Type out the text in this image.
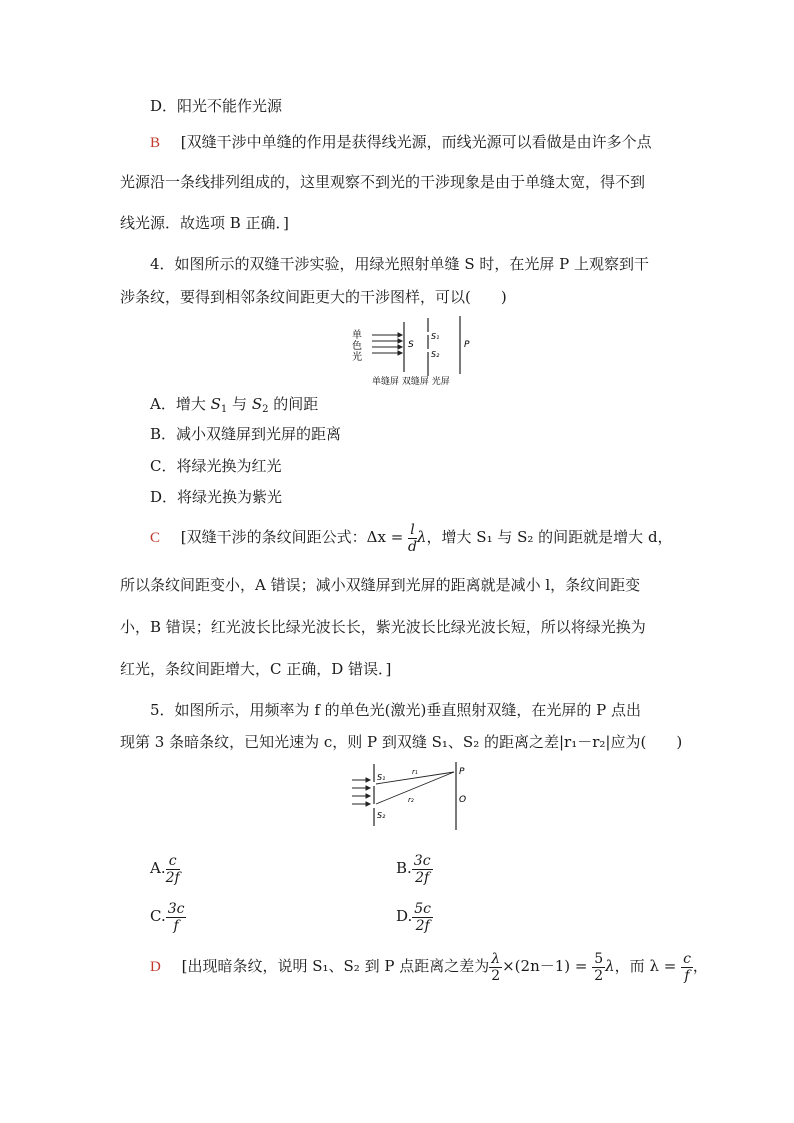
D．阳光不能作光源
B [双缝干涉中单缝的作用是获得线光源，而线光源可以看做是由许多个点
光源沿一条线排列组成的，这里观察不到光的干涉现象是由于单缝太宽，得不到
线光源．故选项 B 正确．]
4．如图所示的双缝干涉实验，用绿光照射单缝 S 时，在光屏 P 上观察到干
涉条纹，要得到相邻条纹间距更大的干涉图样，可以(　　)
单
色
光
S
S₁
S₂
P
单缝屏 双缝屏 光屏
A．增大 $S_1$ 与 $S_2$ 的间距
B．减小双缝屏到光屏的距离
C．将绿光换为红光
D．将绿光换为紫光
C [双缝干涉的条纹间距公式：$\Delta x = \frac{l}{d}$ λ，增大 S₁ 与 S₂ 的间距就是增大 d，
所以条纹间距变小，A 错误；减小双缝屏到光屏的距离就是减小 l，条纹间距变
小，B 错误；红光波长比绿光波长长，紫光波长比绿光波长短，所以将绿光换为
红光，条纹间距增大，C 正确，D 错误．]
5．如图所示，用频率为 f 的单色光(激光)垂直照射双缝，在光屏的 P 点出
现第 3 条暗条纹，已知光速为 c，则 P 到双缝 S₁、S₂ 的距离之差|r₁－r₂|应为(　　)
S₁
S₂
r₁
r₂
P
O
A. $\frac{c}{2f}$	B. $\frac{3c}{2f}$
C. $\frac{3c}{f}$	D. $\frac{5c}{2f}$
D [出现暗条纹，说明 S₁、S₂ 到 P 点距离之差为 $\frac{\lambda}{2} \times(2n-1) = \frac{5}{2}$ λ，而 $\lambda = \frac{c}{f}$ ，
